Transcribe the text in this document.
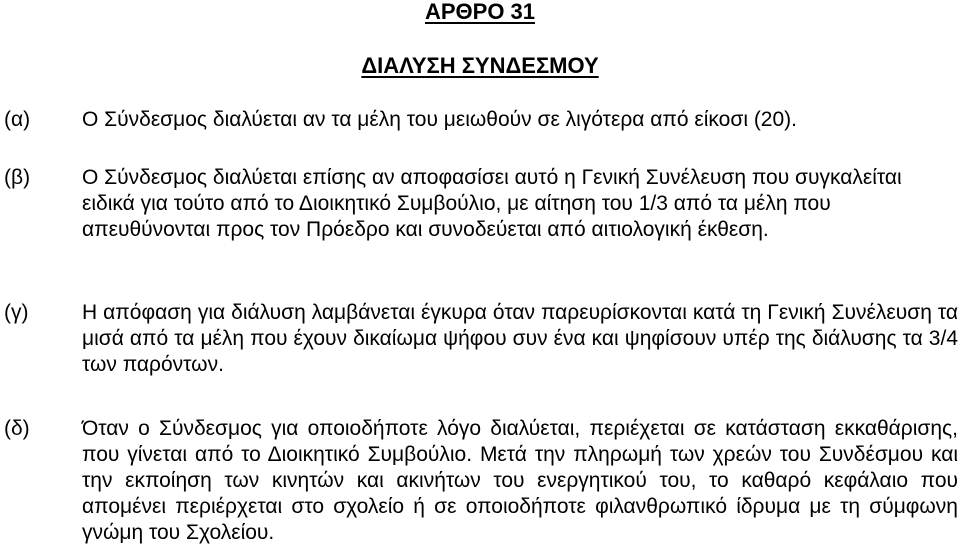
ΑΡΘΡΟ 31
ΔΙΑΛΥΣΗ ΣΥΝΔΕΣΜΟΥ
(α) Ο Σύνδεσμος διαλύεται αν τα μέλη του μειωθούν σε λιγότερα από είκοσι (20).

(β) Ο Σύνδεσμος διαλύεται επίσης αν αποφασίσει αυτό η Γενική Συνέλευση που συγκαλείται ειδικά για τούτο από το Διοικητικό Συμβούλιο, με αίτηση του 1/3 από τα μέλη που απευθύνονται προς τον Πρόεδρο και συνοδεύεται από αιτιολογική έκθεση.

(γ)	Η απόφαση για διάλυση λαμβάνεται έγκυρα όταν παρευρίσκονται κατά τη Γενική Συνέλευση τα μισά από τα μέλη που έχουν δικαίωμα ψήφου συν ένα και ψηφίσουν υπέρ της διάλυσης τα 3/4 των παρόντων.

(δ) Όταν ο Σύνδεσμος για οποιοδήποτε λόγο διαλύεται, περιέχεται σε κατάσταση εκκαθάρισης, που γίνεται από το Διοικητικό Συμβούλιο. Μετά την πληρωμή των χρεών του Συνδέσμου και την εκποίηση των κινητών και ακινήτων του ενεργητικού του, το καθαρό κεφάλαιο που απομένει περιέρχεται στο σχολείο ή σε οποιοδήποτε φιλανθρωπικό ίδρυμα με τη σύμφωνη γνώμη του Σχολείου.
